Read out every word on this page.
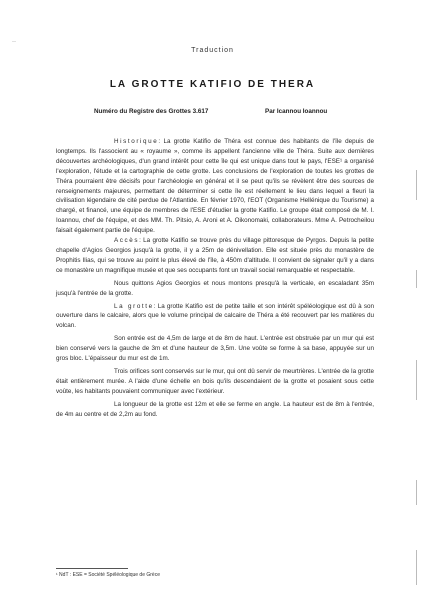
—
Traduction
LA GROTTE KATIFIO DE THERA
Numéro du Registre des Grottes 3.617	Par Icannou Ioannou

Historique: La grotte Katifio de Théra est connue des habitants de l'île depuis de longtemps. Ils l'associent au « royaume », comme ils appellent l'ancienne ville de Théra. Suite aux dernières découvertes archéologiques, d'un grand intérêt pour cette île qui est unique dans tout le pays, l'ESE¹ a organisé l'exploration, l'étude et la cartographie de cette grotte. Les conclusions de l'exploration de toutes les grottes de Théra pourraient être décisifs pour l'archéologie en général et il se peut qu'ils se révèlent être des sources de renseignements majeures, permettant de déterminer si cette île est réellement le lieu dans lequel a fleuri la civilisation légendaire de cité perdue de l'Atlantide. En février 1970, l'EOT (Organisme Hellénique du Tourisme) a chargé, et financé, une équipe de membres de l'ESE d'étudier la grotte Katifio. Le groupe était composé de M. I. Ioannou, chef de l'équipe, et des MM. Th. Pitsio, A. Aroni et A. Oikonomaki, collaborateurs. Mme A. Petrocheilou faisait également partie de l'équipe.

Accès: La grotte Katifio se trouve près du village pittoresque de Pyrgos. Depuis la petite chapelle d'Agios Georgios jusqu'à la grotte, il y a 25m de dénivellation. Elle est située près du monastère de Prophitis Ilias, qui se trouve au point le plus élevé de l'île, à 450m d'altitude. Il convient de signaler qu'il y a dans ce monastère un magnifique musée et que ses occupants font un travail social remarquable et respectable.

Nous quittons Agios Georgios et nous montons presqu'à la verticale, en escaladant 35m jusqu'à l'entrée de la grotte.

La grotte: La grotte Katifio est de petite taille et son intérêt spéléologique est dû à son ouverture dans le calcaire, alors que le volume principal de calcaire de Théra a été recouvert par les matières du volcan.

Son entrée est de 4,5m de large et de 8m de haut. L'entrée est obstruée par un mur qui est bien conservé vers la gauche de 3m et d'une hauteur de 3,5m. Une voûte se forme à sa base, appuyée sur un gros bloc. L'épaisseur du mur est de 1m.

Trois orifices sont conservés sur le mur, qui ont dû servir de meurtrières. L'entrée de la grotte était entièrement murée. A l'aide d'une échelle en bois qu'ils descendaient de la grotte et posaient sous cette voûte, les habitants pouvaient communiquer avec l'extérieur.

La longueur de la grotte est 12m et elle se ferme en angle. La hauteur est de 8m à l'entrée, de 4m au centre et de 2,2m au fond.

¹ NdT : ESE = Société Spéléologique de Grèce
